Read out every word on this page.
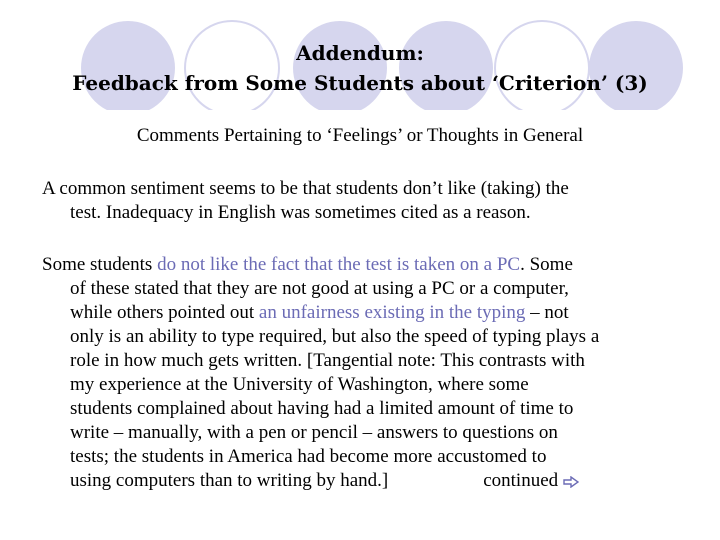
Addendum:
Feedback from Some Students about ‘Criterion’ (3)
Comments Pertaining to ‘Feelings’ or Thoughts in General
A common sentiment seems to be that students don’t like (taking) the
test. Inadequacy in English was sometimes cited as a reason.
Some students do not like the fact that the test is taken on a PC. Some
of these stated that they are not good at using a PC or a computer,
while others pointed out an unfairness existing in the typing – not
only is an ability to type required, but also the speed of typing plays a
role in how much gets written. [Tangential note: This contrasts with
my experience at the University of Washington, where some
students complained about having had a limited amount of time to
write – manually, with a pen or pencil – answers to questions on
tests; the students in America had become more accustomed to
using computers than to writing by hand.]	continued
